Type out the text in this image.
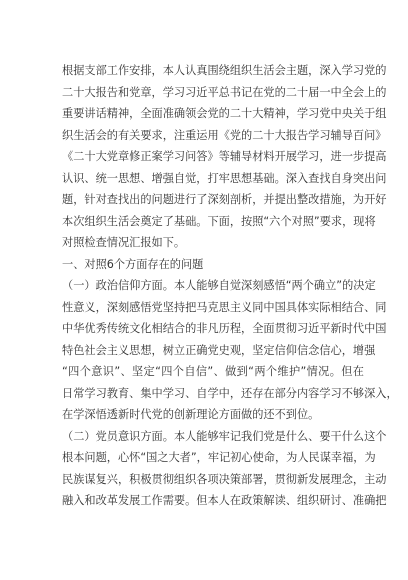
根据支部工作安排，本人认真围绕组织生活会主题，深入学习党的
二十大报告和党章，学习习近平总书记在党的二十届一中全会上的
重要讲话精神，全面准确领会党的二十大精神，学习党中央关于组
织生活会的有关要求，注重运用《党的二十大报告学习辅导百问》
《二十大党章修正案学习问答》等辅导材料开展学习，进一步提高
认识、统一思想、增强自觉，打牢思想基础。深入查找自身突出问
题，针对查找出的问题进行了深刻剖析，并提出整改措施，为开好
本次组织生活会奠定了基础。下面，按照“六个对照”要求，现将
对照检查情况汇报如下。
一、对照6个方面存在的问题
（一）政治信仰方面。本人能够自觉深刻感悟“两个确立”的决定
性意义，深刻感悟党坚持把马克思主义同中国具体实际相结合、同
中华优秀传统文化相结合的非凡历程，全面贯彻习近平新时代中国
特色社会主义思想，树立正确党史观，坚定信仰信念信心，增强
“四个意识”、坚定“四个自信”、做到“两个维护”情况。但在
日常学习教育、集中学习、自学中，还存在部分内容学习不够深入，
在学深悟透新时代党的创新理论方面做的还不到位。
（二）党员意识方面。本人能够牢记我们党是什么、要干什么这个
根本问题，心怀“国之大者”，牢记初心使命，为人民谋幸福，为
民族谋复兴，积极贯彻组织各项决策部署，贯彻新发展理念，主动
融入和改革发展工作需要。但本人在政策解读、组织研讨、准确把
